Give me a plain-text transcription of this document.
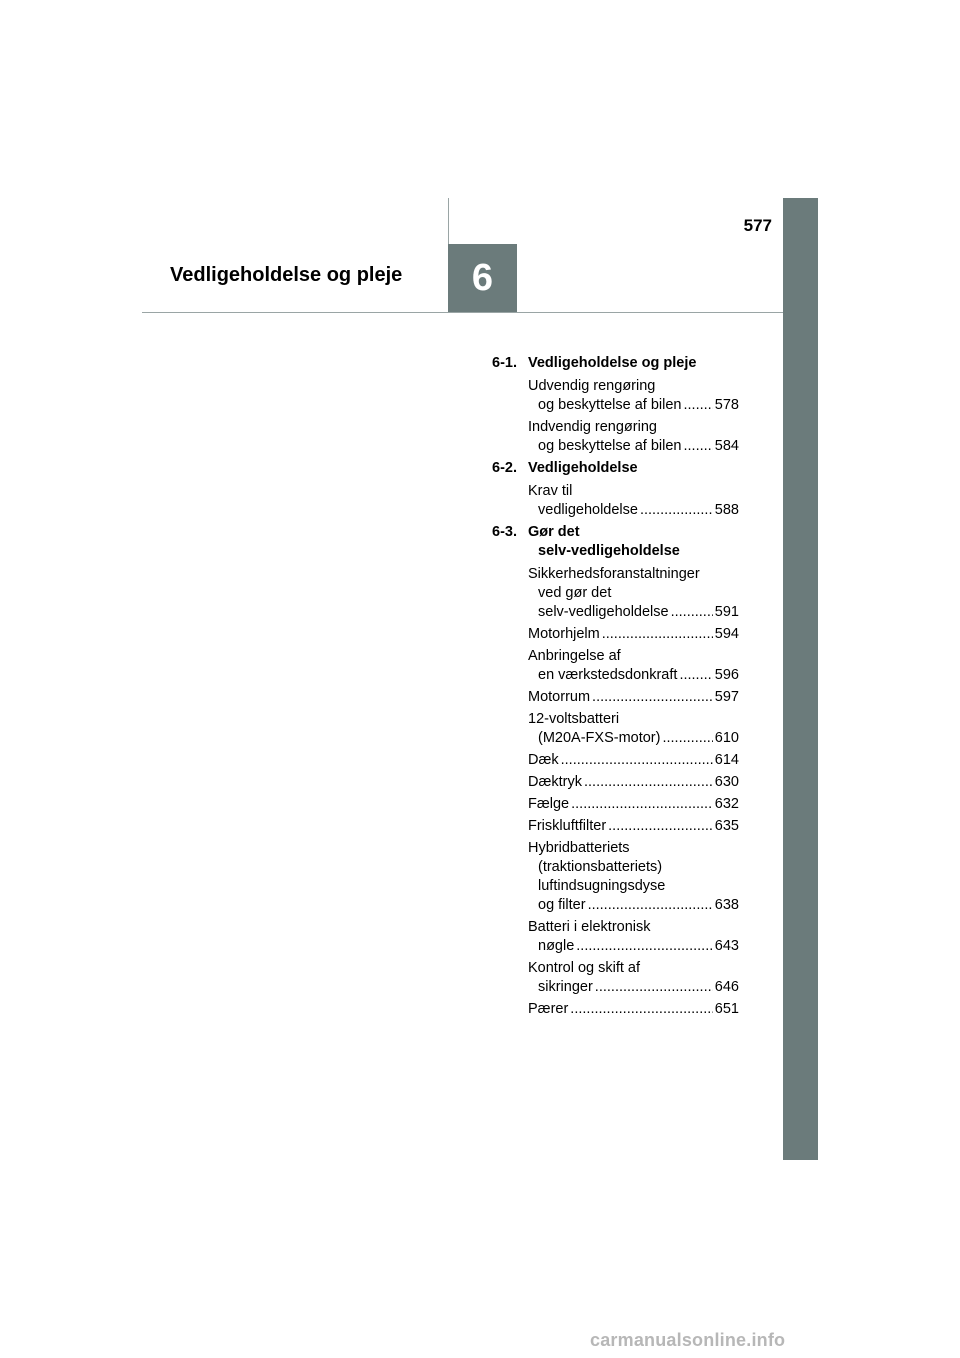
6
577
Vedligeholdelse og pleje
6-1. Vedligeholdelse og pleje
Udvendig rengøring
og beskyttelse af bilen ..... 578
Indvendig rengøring
og beskyttelse af bilen ..... 584
6-2. Vedligeholdelse
Krav til
vedligeholdelse .....	588
6-3. Gør det
selv-vedligeholdelse
Sikkerhedsforanstaltninger
ved gør det
selv-vedligeholdelse .....	591
Motorhjelm .....	594
Anbringelse af
en værkstedsdonkraft .....	596
Motorrum .....	597
12-voltsbatteri
(M20A-FXS-motor) .....	610
Dæk .....	614
Dæktryk .....	630
Fælge .....	632
Friskluftfilter .....	635
Hybridbatteriets
(traktionsbatteriets)
luftindsugningsdyse
og filter .....	638
Batteri i elektronisk
nøgle .....	643
Kontrol og skift af
sikringer .....	646
Pærer .....	651
carmanualsonline.info
